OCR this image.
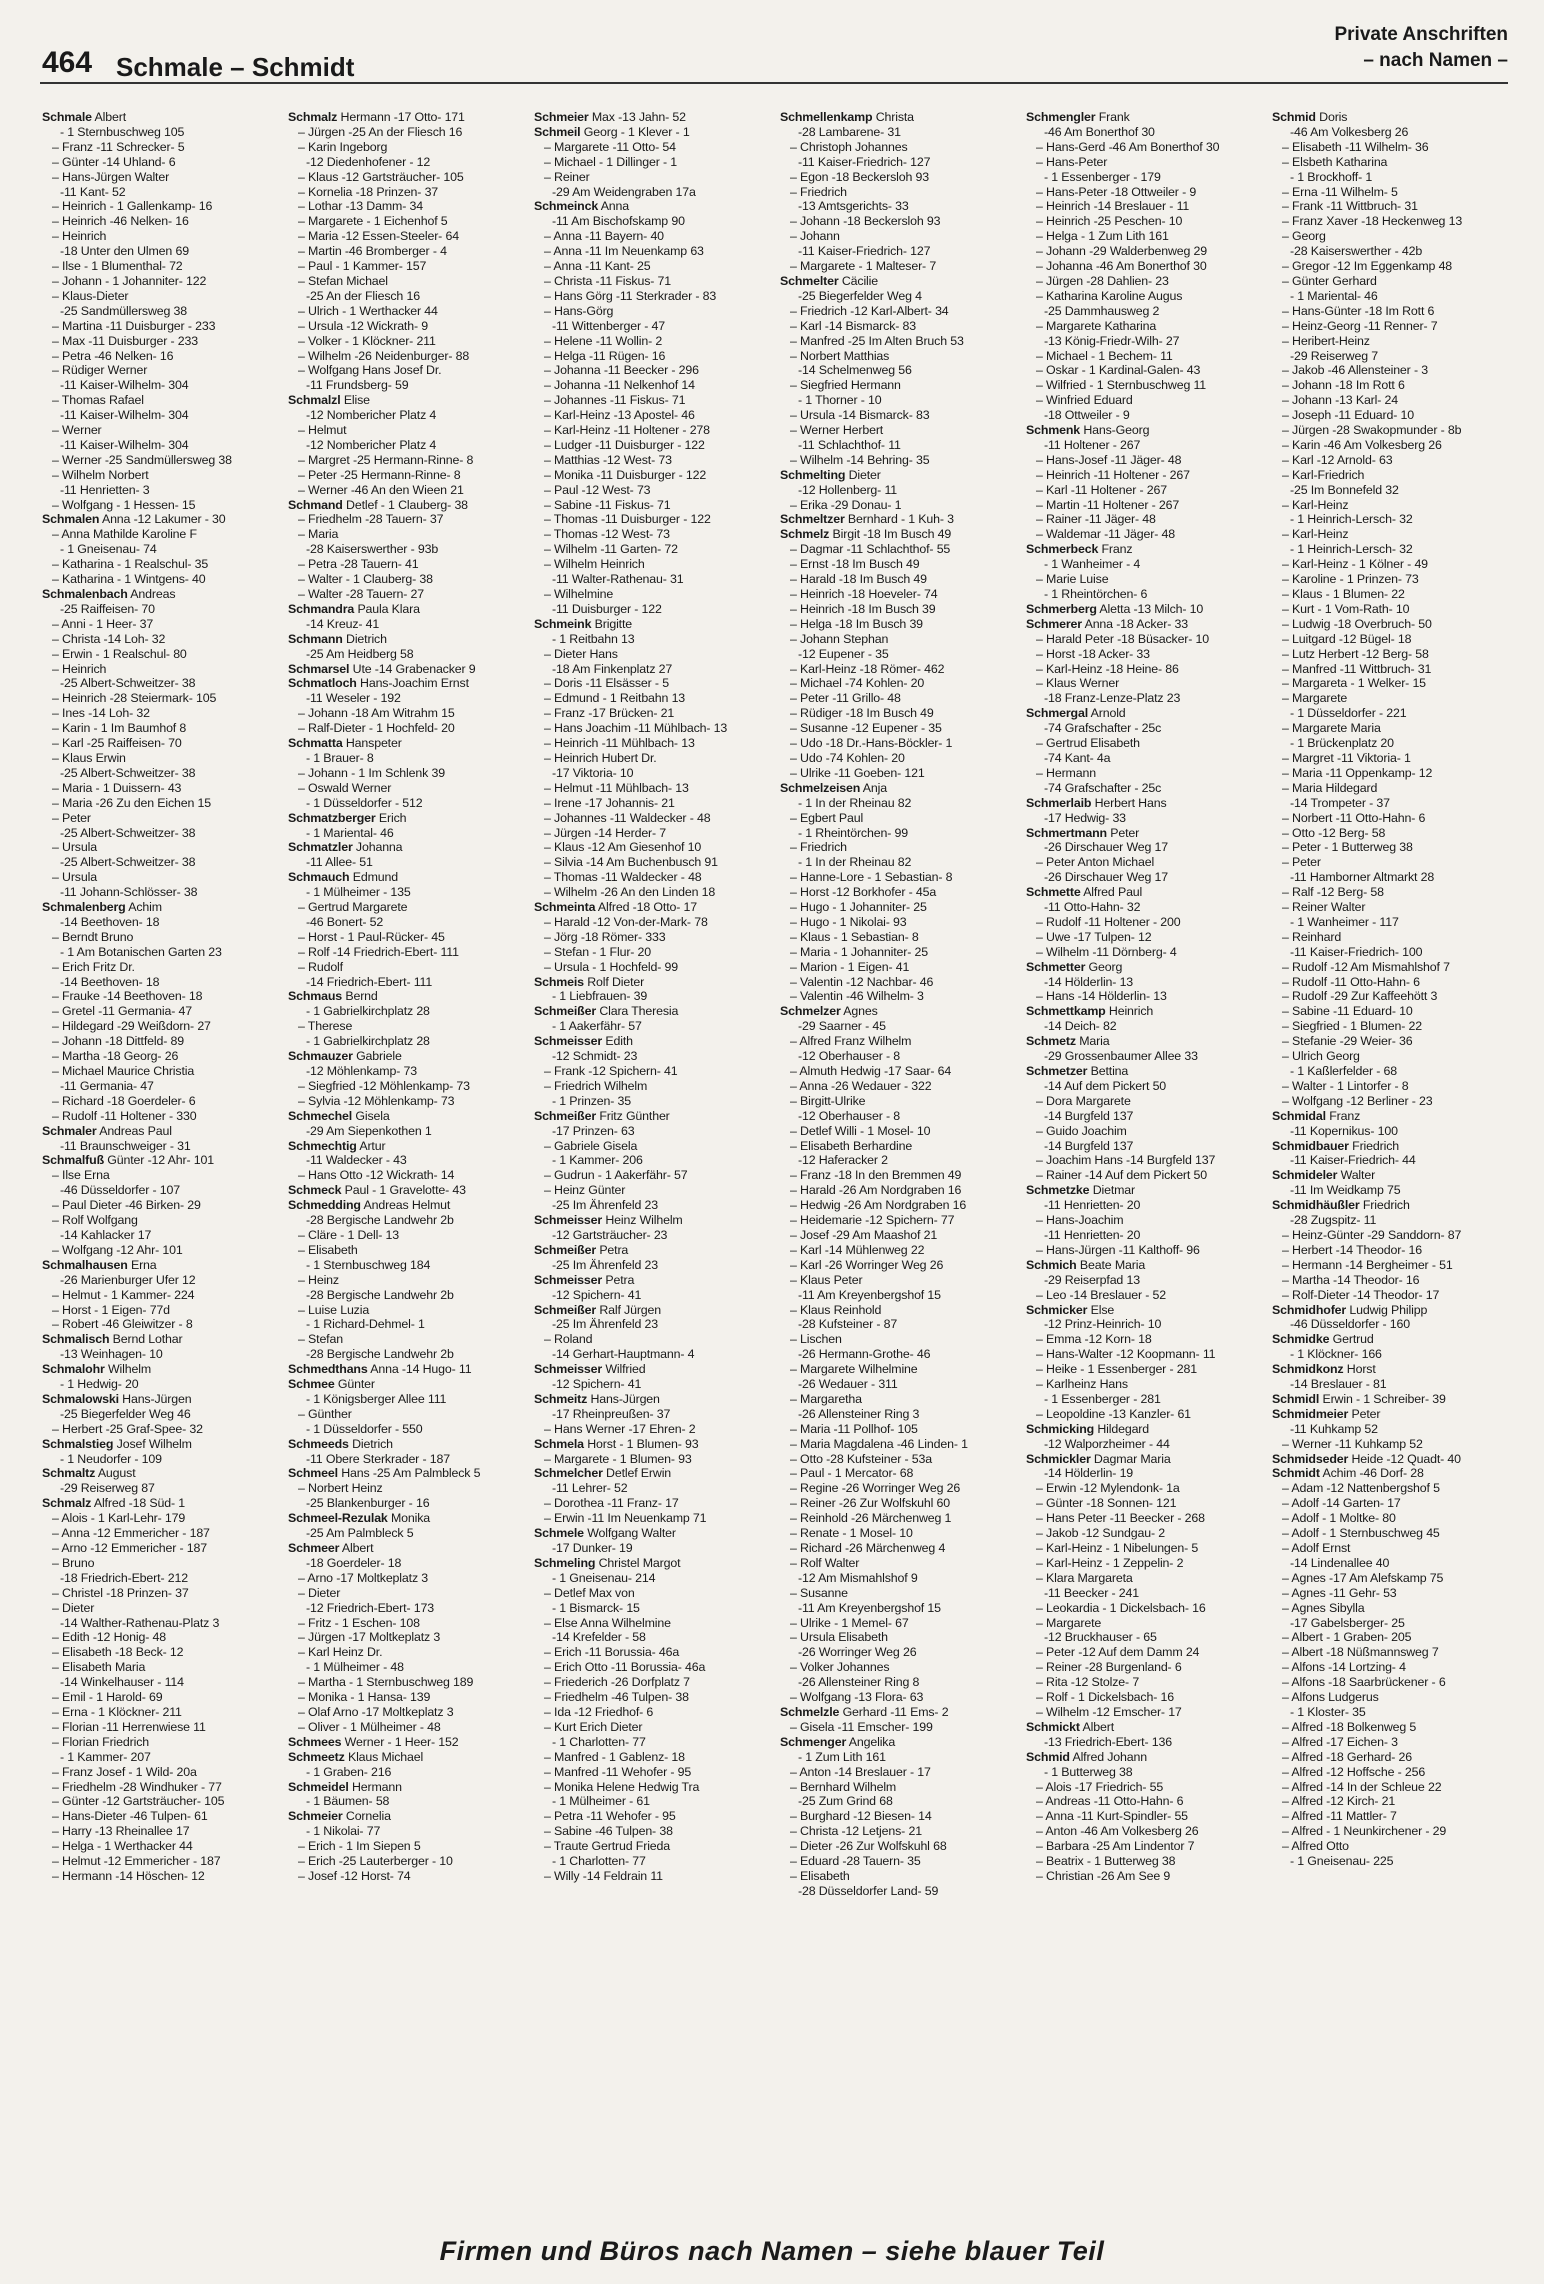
464 Schmale – Schmidt
Private Anschriften
– nach Namen –
Schmale Albert
- 1 Sternbuschweg 105
– Franz -11 Schrecker- 5
– Günter -14 Uhland- 6
– Hans-Jürgen Walter
-11 Kant- 52
– Heinrich - 1 Gallenkamp- 16
– Heinrich -46 Nelken- 16
– Heinrich
-18 Unter den Ulmen 69
– Ilse - 1 Blumenthal- 72
– Johann - 1 Johanniter- 122
– Klaus-Dieter
-25 Sandmüllersweg 38
– Martina -11 Duisburger - 233
– Max -11 Duisburger - 233
– Petra -46 Nelken- 16
– Rüdiger Werner
-11 Kaiser-Wilhelm- 304
– Thomas Rafael
-11 Kaiser-Wilhelm- 304
– Werner
-11 Kaiser-Wilhelm- 304
– Werner -25 Sandmüllersweg 38
– Wilhelm Norbert
-11 Henrietten- 3
– Wolfgang - 1 Hessen- 15
Schmalen Anna -12 Lakumer - 30
– Anna Mathilde Karoline F
- 1 Gneisenau- 74
– Katharina - 1 Realschul- 35
– Katharina - 1 Wintgens- 40
Schmalenbach Andreas
-25 Raiffeisen- 70
– Anni - 1 Heer- 37
– Christa -14 Loh- 32
– Erwin - 1 Realschul- 80
– Heinrich
-25 Albert-Schweitzer- 38
– Heinrich -28 Steiermark- 105
– Ines -14 Loh- 32
– Karin - 1 Im Baumhof 8
– Karl -25 Raiffeisen- 70
– Klaus Erwin
-25 Albert-Schweitzer- 38
– Maria - 1 Duissern- 43
– Maria -26 Zu den Eichen 15
– Peter
-25 Albert-Schweitzer- 38
– Ursula
-25 Albert-Schweitzer- 38
– Ursula
-11 Johann-Schlösser- 38
Schmalenberg Achim
-14 Beethoven- 18
– Berndt Bruno
- 1 Am Botanischen Garten 23
– Erich Fritz Dr.
-14 Beethoven- 18
– Frauke -14 Beethoven- 18
– Gretel -11 Germania- 47
– Hildegard -29 Weißdorn- 27
– Johann -18 Dittfeld- 89
– Martha -18 Georg- 26
– Michael Maurice Christia
-11 Germania- 47
– Richard -18 Goerdeler- 6
– Rudolf -11 Holtener - 330
Schmaler Andreas Paul
-11 Braunschweiger - 31
Schmalfuß Günter -12 Ahr- 101
– Ilse Erna
-46 Düsseldorfer - 107
– Paul Dieter -46 Birken- 29
– Rolf Wolfgang
-14 Kahlacker 17
– Wolfgang -12 Ahr- 101
Schmalhausen Erna
-26 Marienburger Ufer 12
– Helmut - 1 Kammer- 224
– Horst - 1 Eigen- 77d
– Robert -46 Gleiwitzer - 8
Schmalisch Bernd Lothar
-13 Weinhagen- 10
Schmalohr Wilhelm
- 1 Hedwig- 20
Schmalowski Hans-Jürgen
-25 Biegerfelder Weg 46
– Herbert -25 Graf-Spee- 32
Schmalstieg Josef Wilhelm
- 1 Neudorfer - 109
Schmaltz August
-29 Reiserweg 87
Schmalz Alfred -18 Süd- 1
– Alois - 1 Karl-Lehr- 179
– Anna -12 Emmericher - 187
– Arno -12 Emmericher - 187
– Bruno
-18 Friedrich-Ebert- 212
– Christel -18 Prinzen- 37
– Dieter
-14 Walther-Rathenau-Platz 3
– Edith -12 Honig- 48
– Elisabeth -18 Beck- 12
– Elisabeth Maria
-14 Winkelhauser - 114
– Emil - 1 Harold- 69
– Erna - 1 Klöckner- 211
– Florian -11 Herrenwiese 11
– Florian Friedrich
- 1 Kammer- 207
– Franz Josef - 1 Wild- 20a
– Friedhelm -28 Windhuker - 77
– Günter -12 Gartsträucher- 105
– Hans-Dieter -46 Tulpen- 61
– Harry -13 Rheinallee 17
– Helga - 1 Werthacker 44
– Helmut -12 Emmericher - 187
– Hermann -14 Höschen- 12
Schmalz Hermann -17 Otto- 171
– Jürgen -25 An der Fliesch 16
– Karin Ingeborg
-12 Diedenhofener - 12
– Klaus -12 Gartsträucher- 105
– Kornelia -18 Prinzen- 37
– Lothar -13 Damm- 34
– Margarete - 1 Eichenhof 5
– Maria -12 Essen-Steeler- 64
– Martin -46 Bromberger - 4
– Paul - 1 Kammer- 157
– Stefan Michael
-25 An der Fliesch 16
– Ulrich - 1 Werthacker 44
– Ursula -12 Wickrath- 9
– Volker - 1 Klöckner- 211
– Wilhelm -26 Neidenburger- 88
– Wolfgang Hans Josef Dr.
-11 Frundsberg- 59
Schmalzl Elise
-12 Nombericher Platz 4
– Helmut
-12 Nombericher Platz 4
– Margret -25 Hermann-Rinne- 8
– Peter -25 Hermann-Rinne- 8
– Werner -46 An den Wieen 21
Schmand Detlef - 1 Clauberg- 38
– Friedhelm -28 Tauern- 37
– Maria
-28 Kaiserswerther - 93b
– Petra -28 Tauern- 41
– Walter - 1 Clauberg- 38
– Walter -28 Tauern- 27
Schmandra Paula Klara
-14 Kreuz- 41
Schmann Dietrich
-25 Am Heidberg 58
Schmarsel Ute -14 Grabenacker 9
Schmatloch Hans-Joachim Ernst
-11 Weseler - 192
– Johann -18 Am Witrahm 15
– Ralf-Dieter - 1 Hochfeld- 20
Schmatta Hanspeter
- 1 Brauer- 8
– Johann - 1 Im Schlenk 39
– Oswald Werner
- 1 Düsseldorfer - 512
Schmatzberger Erich
- 1 Mariental- 46
Schmatzler Johanna
-11 Allee- 51
Schmauch Edmund
- 1 Mülheimer - 135
– Gertrud Margarete
-46 Bonert- 52
– Horst - 1 Paul-Rücker- 45
– Rolf -14 Friedrich-Ebert- 111
– Rudolf
-14 Friedrich-Ebert- 111
Schmaus Bernd
- 1 Gabrielkirchplatz 28
– Therese
- 1 Gabrielkirchplatz 28
Schmauzer Gabriele
-12 Möhlenkamp- 73
– Siegfried -12 Möhlenkamp- 73
– Sylvia -12 Möhlenkamp- 73
Schmechel Gisela
-29 Am Siepenkothen 1
Schmechtig Artur
-11 Waldecker - 43
– Hans Otto -12 Wickrath- 14
Schmeck Paul - 1 Gravelotte- 43
Schmedding Andreas Helmut
-28 Bergische Landwehr 2b
– Cläre - 1 Dell- 13
– Elisabeth
- 1 Sternbuschweg 184
– Heinz
-28 Bergische Landwehr 2b
– Luise Luzia
- 1 Richard-Dehmel- 1
– Stefan
-28 Bergische Landwehr 2b
Schmedthans Anna -14 Hugo- 11
Schmee Günter
- 1 Königsberger Allee 111
– Günther
- 1 Düsseldorfer - 550
Schmeeds Dietrich
-11 Obere Sterkrader - 187
Schmeel Hans -25 Am Palmbleck 5
– Norbert Heinz
-25 Blankenburger - 16
Schmeel-Rezulak Monika
-25 Am Palmbleck 5
Schmeer Albert
-18 Goerdeler- 18
– Arno -17 Moltkeplatz 3
– Dieter
-12 Friedrich-Ebert- 173
– Fritz - 1 Eschen- 108
– Jürgen -17 Moltkeplatz 3
– Karl Heinz Dr.
- 1 Mülheimer - 48
– Martha - 1 Sternbuschweg 189
– Monika - 1 Hansa- 139
– Olaf Arno -17 Moltkeplatz 3
– Oliver - 1 Mülheimer - 48
Schmees Werner - 1 Heer- 152
Schmeetz Klaus Michael
- 1 Graben- 216
Schmeidel Hermann
- 1 Bäumen- 58
Schmeier Cornelia
- 1 Nikolai- 77
– Erich - 1 Im Siepen 5
– Erich -25 Lauterberger - 10
– Josef -12 Horst- 74
Schmeier Max -13 Jahn- 52
Schmeil Georg - 1 Klever - 1
– Margarete -11 Otto- 54
– Michael - 1 Dillinger - 1
– Reiner
-29 Am Weidengraben 17a
Schmeinck Anna
-11 Am Bischofskamp 90
– Anna -11 Bayern- 40
– Anna -11 Im Neuenkamp 63
– Anna -11 Kant- 25
– Christa -11 Fiskus- 71
– Hans Görg -11 Sterkrader - 83
– Hans-Görg
-11 Wittenberger - 47
– Helene -11 Wollin- 2
– Helga -11 Rügen- 16
– Johanna -11 Beecker - 296
– Johanna -11 Nelkenhof 14
– Johannes -11 Fiskus- 71
– Karl-Heinz -13 Apostel- 46
– Karl-Heinz -11 Holtener - 278
– Ludger -11 Duisburger - 122
– Matthias -12 West- 73
– Monika -11 Duisburger - 122
– Paul -12 West- 73
– Sabine -11 Fiskus- 71
– Thomas -11 Duisburger - 122
– Thomas -12 West- 73
– Wilhelm -11 Garten- 72
– Wilhelm Heinrich
-11 Walter-Rathenau- 31
– Wilhelmine
-11 Duisburger - 122
Schmeink Brigitte
- 1 Reitbahn 13
– Dieter Hans
-18 Am Finkenplatz 27
– Doris -11 Elsässer - 5
– Edmund - 1 Reitbahn 13
– Franz -17 Brücken- 21
– Hans Joachim -11 Mühlbach- 13
– Heinrich -11 Mühlbach- 13
– Heinrich Hubert Dr.
-17 Viktoria- 10
– Helmut -11 Mühlbach- 13
– Irene -17 Johannis- 21
– Johannes -11 Waldecker - 48
– Jürgen -14 Herder- 7
– Klaus -12 Am Giesenhof 10
– Silvia -14 Am Buchenbusch 91
– Thomas -11 Waldecker - 48
– Wilhelm -26 An den Linden 18
Schmeinta Alfred -18 Otto- 17
– Harald -12 Von-der-Mark- 78
– Jörg -18 Römer- 333
– Stefan - 1 Flur- 20
– Ursula - 1 Hochfeld- 99
Schmeis Rolf Dieter
- 1 Liebfrauen- 39
Schmeißer Clara Theresia
- 1 Aakerfähr- 57
Schmeisser Edith
-12 Schmidt- 23
– Frank -12 Spichern- 41
– Friedrich Wilhelm
- 1 Prinzen- 35
Schmeißer Fritz Günther
-17 Prinzen- 63
– Gabriele Gisela
- 1 Kammer- 206
– Gudrun - 1 Aakerfähr- 57
– Heinz Günter
-25 Im Ährenfeld 23
Schmeisser Heinz Wilhelm
-12 Gartsträucher- 23
Schmeißer Petra
-25 Im Ährenfeld 23
Schmeisser Petra
-12 Spichern- 41
Schmeißer Ralf Jürgen
-25 Im Ährenfeld 23
– Roland
-14 Gerhart-Hauptmann- 4
Schmeisser Wilfried
-12 Spichern- 41
Schmeitz Hans-Jürgen
-17 Rheinpreußen- 37
– Hans Werner -17 Ehren- 2
Schmela Horst - 1 Blumen- 93
– Margarete - 1 Blumen- 93
Schmelcher Detlef Erwin
-11 Lehrer- 52
– Dorothea -11 Franz- 17
– Erwin -11 Im Neuenkamp 71
Schmele Wolfgang Walter
-17 Dunker- 19
Schmeling Christel Margot
- 1 Gneisenau- 214
– Detlef Max von
- 1 Bismarck- 15
– Else Anna Wilhelmine
-14 Krefelder - 58
– Erich -11 Borussia- 46a
– Erich Otto -11 Borussia- 46a
– Friederich -26 Dorfplatz 7
– Friedhelm -46 Tulpen- 38
– Ida -12 Friedhof- 6
– Kurt Erich Dieter
- 1 Charlotten- 77
– Manfred - 1 Gablenz- 18
– Manfred -11 Wehofer - 95
– Monika Helene Hedwig Tra
- 1 Mülheimer - 61
– Petra -11 Wehofer - 95
– Sabine -46 Tulpen- 38
– Traute Gertrud Frieda
- 1 Charlotten- 77
– Willy -14 Feldrain 11
Schmellenkamp Christa
-28 Lambarene- 31
– Christoph Johannes
-11 Kaiser-Friedrich- 127
– Egon -18 Beckersloh 93
– Friedrich
-13 Amtsgerichts- 33
– Johann -18 Beckersloh 93
– Johann
-11 Kaiser-Friedrich- 127
– Margarete - 1 Malteser- 7
Schmelter Cäcilie
-25 Biegerfelder Weg 4
– Friedrich -12 Karl-Albert- 34
– Karl -14 Bismarck- 83
– Manfred -25 Im Alten Bruch 53
– Norbert Matthias
-14 Schelmenweg 56
– Siegfried Hermann
- 1 Thorner - 10
– Ursula -14 Bismarck- 83
– Werner Herbert
-11 Schlachthof- 11
– Wilhelm -14 Behring- 35
Schmelting Dieter
-12 Hollenberg- 11
– Erika -29 Donau- 1
Schmeltzer Bernhard - 1 Kuh- 3
Schmelz Birgit -18 Im Busch 49
– Dagmar -11 Schlachthof- 55
– Ernst -18 Im Busch 49
– Harald -18 Im Busch 49
– Heinrich -18 Hoeveler- 74
– Heinrich -18 Im Busch 39
– Helga -18 Im Busch 39
– Johann Stephan
-12 Eupener - 35
– Karl-Heinz -18 Römer- 462
– Michael -74 Kohlen- 20
– Peter -11 Grillo- 48
– Rüdiger -18 Im Busch 49
– Susanne -12 Eupener - 35
– Udo -18 Dr.-Hans-Böckler- 1
– Udo -74 Kohlen- 20
– Ulrike -11 Goeben- 121
Schmelzeisen Anja
- 1 In der Rheinau 82
– Egbert Paul
- 1 Rheintörchen- 99
– Friedrich
- 1 In der Rheinau 82
– Hanne-Lore - 1 Sebastian- 8
– Horst -12 Borkhofer - 45a
– Hugo - 1 Johanniter- 25
– Hugo - 1 Nikolai- 93
– Klaus - 1 Sebastian- 8
– Maria - 1 Johanniter- 25
– Marion - 1 Eigen- 41
– Valentin -12 Nachbar- 46
– Valentin -46 Wilhelm- 3
Schmelzer Agnes
-29 Saarner - 45
– Alfred Franz Wilhelm
-12 Oberhauser - 8
– Almuth Hedwig -17 Saar- 64
– Anna -26 Wedauer - 322
– Birgitt-Ulrike
-12 Oberhauser - 8
– Detlef Willi - 1 Mosel- 10
– Elisabeth Berhardine
-12 Haferacker 2
– Franz -18 In den Bremmen 49
– Harald -26 Am Nordgraben 16
– Hedwig -26 Am Nordgraben 16
– Heidemarie -12 Spichern- 77
– Josef -29 Am Maashof 21
– Karl -14 Mühlenweg 22
– Karl -26 Worringer Weg 26
– Klaus Peter
-11 Am Kreyenbergshof 15
– Klaus Reinhold
-28 Kufsteiner - 87
– Lischen
-26 Hermann-Grothe- 46
– Margarete Wilhelmine
-26 Wedauer - 311
– Margaretha
-26 Allensteiner Ring 3
– Maria -11 Pollhof- 105
– Maria Magdalena -46 Linden- 1
– Otto -28 Kufsteiner - 53a
– Paul - 1 Mercator- 68
– Regine -26 Worringer Weg 26
– Reiner -26 Zur Wolfskuhl 60
– Reinhold -26 Märchenweg 1
– Renate - 1 Mosel- 10
– Richard -26 Märchenweg 4
– Rolf Walter
-12 Am Mismahlshof 9
– Susanne
-11 Am Kreyenbergshof 15
– Ulrike - 1 Memel- 67
– Ursula Elisabeth
-26 Worringer Weg 26
– Volker Johannes
-26 Allensteiner Ring 8
– Wolfgang -13 Flora- 63
Schmelzle Gerhard -11 Ems- 2
– Gisela -11 Emscher- 199
Schmenger Angelika
- 1 Zum Lith 161
– Anton -14 Breslauer - 17
– Bernhard Wilhelm
-25 Zum Grind 68
– Burghard -12 Biesen- 14
– Christa -12 Letjens- 21
– Dieter -26 Zur Wolfskuhl 68
– Eduard -28 Tauern- 35
– Elisabeth
-28 Düsseldorfer Land- 59
Schmengler Frank
-46 Am Bonerthof 30
– Hans-Gerd -46 Am Bonerthof 30
– Hans-Peter
- 1 Essenberger - 179
– Hans-Peter -18 Ottweiler - 9
– Heinrich -14 Breslauer - 11
– Heinrich -25 Peschen- 10
– Helga - 1 Zum Lith 161
– Johann -29 Walderbenweg 29
– Johanna -46 Am Bonerthof 30
– Jürgen -28 Dahlien- 23
– Katharina Karoline Augus
-25 Dammhausweg 2
– Margarete Katharina
-13 König-Friedr-Wilh- 27
– Michael - 1 Bechem- 11
– Oskar - 1 Kardinal-Galen- 43
– Wilfried - 1 Sternbuschweg 11
– Winfried Eduard
-18 Ottweiler - 9
Schmenk Hans-Georg
-11 Holtener - 267
– Hans-Josef -11 Jäger- 48
– Heinrich -11 Holtener - 267
– Karl -11 Holtener - 267
– Martin -11 Holtener - 267
– Rainer -11 Jäger- 48
– Waldemar -11 Jäger- 48
Schmerbeck Franz
- 1 Wanheimer - 4
– Marie Luise
- 1 Rheintörchen- 6
Schmerberg Aletta -13 Milch- 10
Schmerer Anna -18 Acker- 33
– Harald Peter -18 Büsacker- 10
– Horst -18 Acker- 33
– Karl-Heinz -18 Heine- 86
– Klaus Werner
-18 Franz-Lenze-Platz 23
Schmergal Arnold
-74 Grafschafter - 25c
– Gertrud Elisabeth
-74 Kant- 4a
– Hermann
-74 Grafschafter - 25c
Schmerlaib Herbert Hans
-17 Hedwig- 33
Schmertmann Peter
-26 Dirschauer Weg 17
– Peter Anton Michael
-26 Dirschauer Weg 17
Schmette Alfred Paul
-11 Otto-Hahn- 32
– Rudolf -11 Holtener - 200
– Uwe -17 Tulpen- 12
– Wilhelm -11 Dörnberg- 4
Schmetter Georg
-14 Hölderlin- 13
– Hans -14 Hölderlin- 13
Schmettkamp Heinrich
-14 Deich- 82
Schmetz Maria
-29 Grossenbaumer Allee 33
Schmetzer Bettina
-14 Auf dem Pickert 50
– Dora Margarete
-14 Burgfeld 137
– Guido Joachim
-14 Burgfeld 137
– Joachim Hans -14 Burgfeld 137
– Rainer -14 Auf dem Pickert 50
Schmetzke Dietmar
-11 Henrietten- 20
– Hans-Joachim
-11 Henrietten- 20
– Hans-Jürgen -11 Kalthoff- 96
Schmich Beate Maria
-29 Reiserpfad 13
– Leo -14 Breslauer - 52
Schmicker Else
-12 Prinz-Heinrich- 10
– Emma -12 Korn- 18
– Hans-Walter -12 Koopmann- 11
– Heike - 1 Essenberger - 281
– Karlheinz Hans
- 1 Essenberger - 281
– Leopoldine -13 Kanzler- 61
Schmicking Hildegard
-12 Walporzheimer - 44
Schmickler Dagmar Maria
-14 Hölderlin- 19
– Erwin -12 Mylendonk- 1a
– Günter -18 Sonnen- 121
– Hans Peter -11 Beecker - 268
– Jakob -12 Sundgau- 2
– Karl-Heinz - 1 Nibelungen- 5
– Karl-Heinz - 1 Zeppelin- 2
– Klara Margareta
-11 Beecker - 241
– Leokardia - 1 Dickelsbach- 16
– Margarete
-12 Bruckhauser - 65
– Peter -12 Auf dem Damm 24
– Reiner -28 Burgenland- 6
– Rita -12 Stolze- 7
– Rolf - 1 Dickelsbach- 16
– Wilhelm -12 Emscher- 17
Schmickt Albert
-13 Friedrich-Ebert- 136
Schmid Alfred Johann
- 1 Butterweg 38
– Alois -17 Friedrich- 55
– Andreas -11 Otto-Hahn- 6
– Anna -11 Kurt-Spindler- 55
– Anton -46 Am Volkesberg 26
– Barbara -25 Am Lindentor 7
– Beatrix - 1 Butterweg 38
– Christian -26 Am See 9
Schmid Doris
-46 Am Volkesberg 26
– Elisabeth -11 Wilhelm- 36
– Elsbeth Katharina
- 1 Brockhoff- 1
– Erna -11 Wilhelm- 5
– Frank -11 Wittbruch- 31
– Franz Xaver -18 Heckenweg 13
– Georg
-28 Kaiserswerther - 42b
– Gregor -12 Im Eggenkamp 48
– Günter Gerhard
- 1 Mariental- 46
– Hans-Günter -18 Im Rott 6
– Heinz-Georg -11 Renner- 7
– Heribert-Heinz
-29 Reiserweg 7
– Jakob -46 Allensteiner - 3
– Johann -18 Im Rott 6
– Johann -13 Karl- 24
– Joseph -11 Eduard- 10
– Jürgen -28 Swakopmunder - 8b
– Karin -46 Am Volkesberg 26
– Karl -12 Arnold- 63
– Karl-Friedrich
-25 Im Bonnefeld 32
– Karl-Heinz
- 1 Heinrich-Lersch- 32
– Karl-Heinz
- 1 Heinrich-Lersch- 32
– Karl-Heinz - 1 Kölner - 49
– Karoline - 1 Prinzen- 73
– Klaus - 1 Blumen- 22
– Kurt - 1 Vom-Rath- 10
– Ludwig -18 Overbruch- 50
– Luitgard -12 Bügel- 18
– Lutz Herbert -12 Berg- 58
– Manfred -11 Wittbruch- 31
– Margareta - 1 Welker- 15
– Margarete
- 1 Düsseldorfer - 221
– Margarete Maria
- 1 Brückenplatz 20
– Margret -11 Viktoria- 1
– Maria -11 Oppenkamp- 12
– Maria Hildegard
-14 Trompeter - 37
– Norbert -11 Otto-Hahn- 6
– Otto -12 Berg- 58
– Peter - 1 Butterweg 38
– Peter
-11 Hamborner Altmarkt 28
– Ralf -12 Berg- 58
– Reiner Walter
- 1 Wanheimer - 117
– Reinhard
-11 Kaiser-Friedrich- 100
– Rudolf -12 Am Mismahlshof 7
– Rudolf -11 Otto-Hahn- 6
– Rudolf -29 Zur Kaffeehött 3
– Sabine -11 Eduard- 10
– Siegfried - 1 Blumen- 22
– Stefanie -29 Weier- 36
– Ulrich Georg
- 1 Kaßlerfelder - 68
– Walter - 1 Lintorfer - 8
– Wolfgang -12 Berliner - 23
Schmidal Franz
-11 Kopernikus- 100
Schmidbauer Friedrich
-11 Kaiser-Friedrich- 44
Schmideler Walter
-11 Im Weidkamp 75
Schmidhäußler Friedrich
-28 Zugspitz- 11
– Heinz-Günter -29 Sanddorn- 87
– Herbert -14 Theodor- 16
– Hermann -14 Bergheimer - 51
– Martha -14 Theodor- 16
– Rolf-Dieter -14 Theodor- 17
Schmidhofer Ludwig Philipp
-46 Düsseldorfer - 160
Schmidke Gertrud
- 1 Klöckner- 166
Schmidkonz Horst
-14 Breslauer - 81
Schmidl Erwin - 1 Schreiber- 39
Schmidmeier Peter
-11 Kuhkamp 52
– Werner -11 Kuhkamp 52
Schmidseder Heide -12 Quadt- 40
Schmidt Achim -46 Dorf- 28
– Adam -12 Nattenbergshof 5
– Adolf -14 Garten- 17
– Adolf - 1 Moltke- 80
– Adolf - 1 Sternbuschweg 45
– Adolf Ernst
-14 Lindenallee 40
– Agnes -17 Am Alefskamp 75
– Agnes -11 Gehr- 53
– Agnes Sibylla
-17 Gabelsberger- 25
– Albert - 1 Graben- 205
– Albert -18 Nüßmannsweg 7
– Alfons -14 Lortzing- 4
– Alfons -18 Saarbrückener - 6
– Alfons Ludgerus
- 1 Kloster- 35
– Alfred -18 Bolkenweg 5
– Alfred -17 Eichen- 3
– Alfred -18 Gerhard- 26
– Alfred -12 Hoffsche - 256
– Alfred -14 In der Schleue 22
– Alfred -12 Kirch- 21
– Alfred -11 Mattler- 7
– Alfred - 1 Neunkirchener - 29
– Alfred Otto
- 1 Gneisenau- 225
Firmen und Büros nach Namen – siehe blauer Teil
